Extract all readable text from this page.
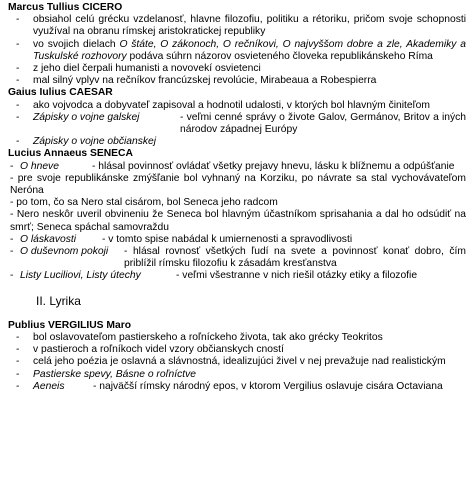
Marcus Tullius CICERO

-	obsiahol celú grécku vzdelanosť, hlavne filozofiu, politiku a rétoriku, pričom svoje schopnosti využíval na obranu rímskej aristokratickej republiky
-	vo svojich dielach O štáte, O zákonoch, O rečníkovi, O najvyššom dobre a zle, Akademiky a Tuskulské rozhovory podáva súhrn názorov osvieteného človeka republikánskeho Ríma
-	z jeho diel čerpali humanisti a novovekí osvietenci
-	mal silný vplyv na rečníkov francúzskej revolúcie, Mirabeaua a Robespierra

Gaius Iulius CAESAR

-	ako vojvodca a dobyvateľ zapisoval a hodnotil udalosti, v ktorých bol hlavným činiteľom
-	Zápisky o vojne galskej	- veľmi cenné správy o živote Galov, Germánov, Britov a iných národov západnej Európy
-	Zápisky o vojne občianskej

Lucius Annaeus SENECA

- O hneve	- hlásal povinnosť ovládať všetky prejavy hnevu, lásku k blížnemu a odpúšťanie
- pre svoje republikánske zmýšľanie bol vyhnaný na Korziku, po návrate sa stal vychovávateľom Neróna
- po tom, čo sa Nero stal cisárom, bol Seneca jeho radcom
- Nero neskôr uveril obvineniu že Seneca bol hlavným účastníkom sprisahania a dal ho odsúdiť na smrť; Seneca spáchal samovraždu
- O láskavosti	- v tomto spise nabádal k umiernenosti a spravodlivosti
- O duševnom pokoji	- hlásal rovnosť všetkých ľudí na svete a povinnosť konať dobro, čím priblížil rímsku filozofiu k zásadám kresťanstva
- Listy Luciliovi, Listy útechy	- veľmi všestranne v nich riešil otázky etiky a filozofie
II. Lyrika

Publius VERGILIUS Maro

-	bol oslavovateľom pastierskeho a roľníckeho života, tak ako grécky Teokritos
-	v pastieroch a roľníkoch videl vzory občianskych cností
-	celá jeho poézia je oslavná a slávnostná, idealizujúci živel v nej prevažuje nad realistickým
-	Pastierske spevy, Básne o roľníctve
-	Aeneis	- najväčší rímsky národný epos, v ktorom Vergilius oslavuje cisára Octaviana
